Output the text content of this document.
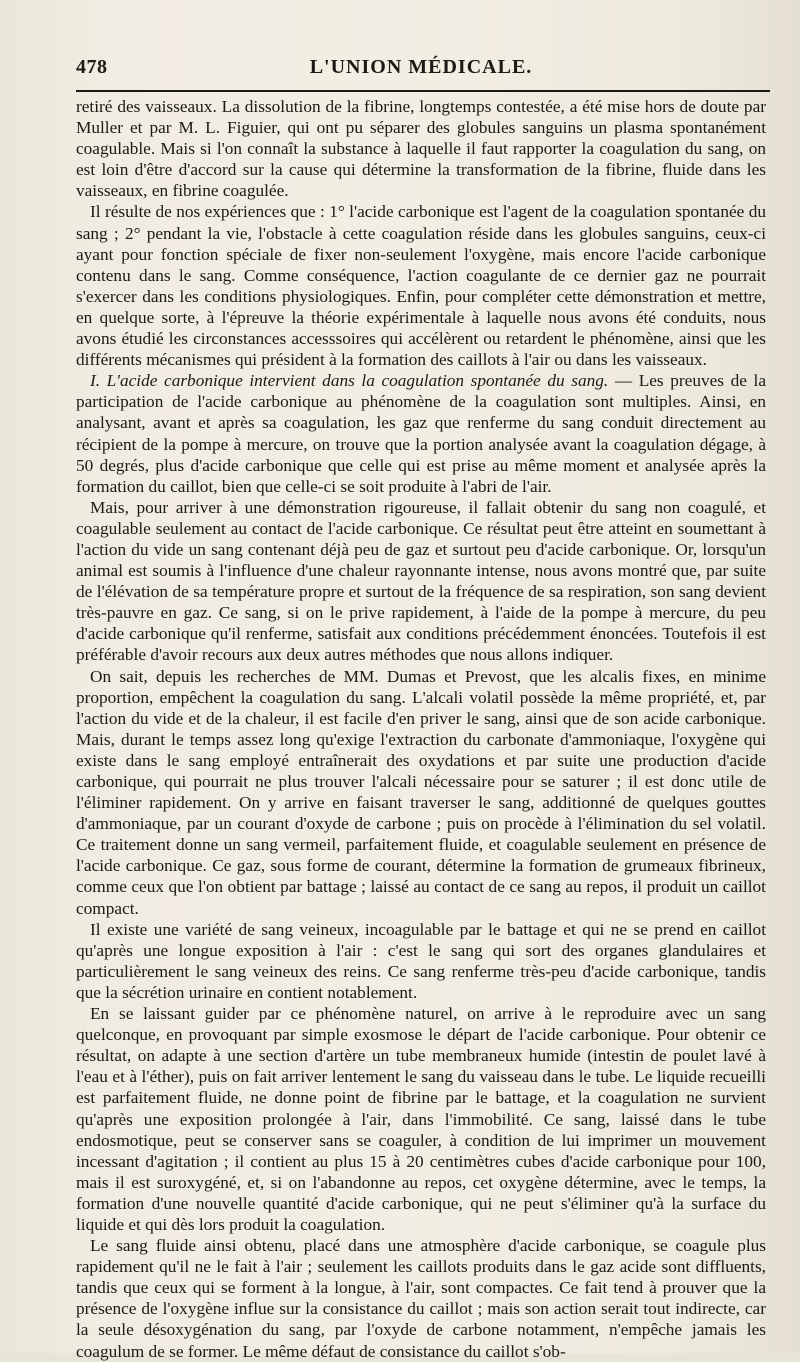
478	L'UNION MÉDICALE.

retiré des vaisseaux. La dissolution de la fibrine, longtemps contestée, a été mise hors de doute par Muller et par M. L. Figuier, qui ont pu séparer des globules sanguins un plasma spontanément coagulable. Mais si l'on connaît la substance à laquelle il faut rapporter la coagulation du sang, on est loin d'être d'accord sur la cause qui détermine la transformation de la fibrine, fluide dans les vaisseaux, en fibrine coagulée.

Il résulte de nos expériences que : 1° l'acide carbonique est l'agent de la coagulation spontanée du sang ; 2° pendant la vie, l'obstacle à cette coagulation réside dans les globules sanguins, ceux-ci ayant pour fonction spéciale de fixer non-seulement l'oxygène, mais encore l'acide carbonique contenu dans le sang. Comme conséquence, l'action coagulante de ce dernier gaz ne pourrait s'exercer dans les conditions physiologiques. Enfin, pour compléter cette démonstration et mettre, en quelque sorte, à l'épreuve la théorie expérimentale à laquelle nous avons été conduits, nous avons étudié les circonstances accesssoires qui accélèrent ou retardent le phénomène, ainsi que les différents mécanismes qui président à la formation des caillots à l'air ou dans les vaisseaux.

I. L'acide carbonique intervient dans la coagulation spontanée du sang. — Les preuves de la participation de l'acide carbonique au phénomène de la coagulation sont multiples. Ainsi, en analysant, avant et après sa coagulation, les gaz que renferme du sang conduit directement au récipient de la pompe à mercure, on trouve que la portion analysée avant la coagulation dégage, à 50 degrés, plus d'acide carbonique que celle qui est prise au même moment et analysée après la formation du caillot, bien que celle-ci se soit produite à l'abri de l'air.

Mais, pour arriver à une démonstration rigoureuse, il fallait obtenir du sang non coagulé, et coagulable seulement au contact de l'acide carbonique. Ce résultat peut être atteint en soumettant à l'action du vide un sang contenant déjà peu de gaz et surtout peu d'acide carbonique. Or, lorsqu'un animal est soumis à l'influence d'une chaleur rayonnante intense, nous avons montré que, par suite de l'élévation de sa température propre et surtout de la fréquence de sa respiration, son sang devient très-pauvre en gaz. Ce sang, si on le prive rapidement, à l'aide de la pompe à mercure, du peu d'acide carbonique qu'il renferme, satisfait aux conditions précédemment énoncées. Toutefois il est préférable d'avoir recours aux deux autres méthodes que nous allons indiquer.

On sait, depuis les recherches de MM. Dumas et Prevost, que les alcalis fixes, en minime proportion, empêchent la coagulation du sang. L'alcali volatil possède la même propriété, et, par l'action du vide et de la chaleur, il est facile d'en priver le sang, ainsi que de son acide carbonique. Mais, durant le temps assez long qu'exige l'extraction du carbonate d'ammoniaque, l'oxygène qui existe dans le sang employé entraînerait des oxydations et par suite une production d'acide carbonique, qui pourrait ne plus trouver l'alcali nécessaire pour se saturer ; il est donc utile de l'éliminer rapidement. On y arrive en faisant traverser le sang, additionné de quelques gouttes d'ammoniaque, par un courant d'oxyde de carbone ; puis on procède à l'élimination du sel volatil. Ce traitement donne un sang vermeil, parfaitement fluide, et coagulable seulement en présence de l'acide carbonique. Ce gaz, sous forme de courant, détermine la formation de grumeaux fibrineux, comme ceux que l'on obtient par battage ; laissé au contact de ce sang au repos, il produit un caillot compact.

Il existe une variété de sang veineux, incoagulable par le battage et qui ne se prend en caillot qu'après une longue exposition à l'air : c'est le sang qui sort des organes glandulaires et particulièrement le sang veineux des reins. Ce sang renferme très-peu d'acide carbonique, tandis que la sécrétion urinaire en contient notablement.

En se laissant guider par ce phénomène naturel, on arrive à le reproduire avec un sang quelconque, en provoquant par simple exosmose le départ de l'acide carbonique. Pour obtenir ce résultat, on adapte à une section d'artère un tube membraneux humide (intestin de poulet lavé à l'eau et à l'éther), puis on fait arriver lentement le sang du vaisseau dans le tube. Le liquide recueilli est parfaitement fluide, ne donne point de fibrine par le battage, et la coagulation ne survient qu'après une exposition prolongée à l'air, dans l'immobilité. Ce sang, laissé dans le tube endosmotique, peut se conserver sans se coaguler, à condition de lui imprimer un mouvement incessant d'agitation ; il contient au plus 15 à 20 centimètres cubes d'acide carbonique pour 100, mais il est suroxygéné, et, si on l'abandonne au repos, cet oxygène détermine, avec le temps, la formation d'une nouvelle quantité d'acide carbonique, qui ne peut s'éliminer qu'à la surface du liquide et qui dès lors produit la coagulation.

Le sang fluide ainsi obtenu, placé dans une atmosphère d'acide carbonique, se coagule plus rapidement qu'il ne le fait à l'air ; seulement les caillots produits dans le gaz acide sont diffluents, tandis que ceux qui se forment à la longue, à l'air, sont compactes. Ce fait tend à prouver que la présence de l'oxygène influe sur la consistance du caillot ; mais son action serait tout indirecte, car la seule désoxygénation du sang, par l'oxyde de carbone notamment, n'empêche jamais les coagulum de se former. Le même défaut de consistance du caillot s'ob-
